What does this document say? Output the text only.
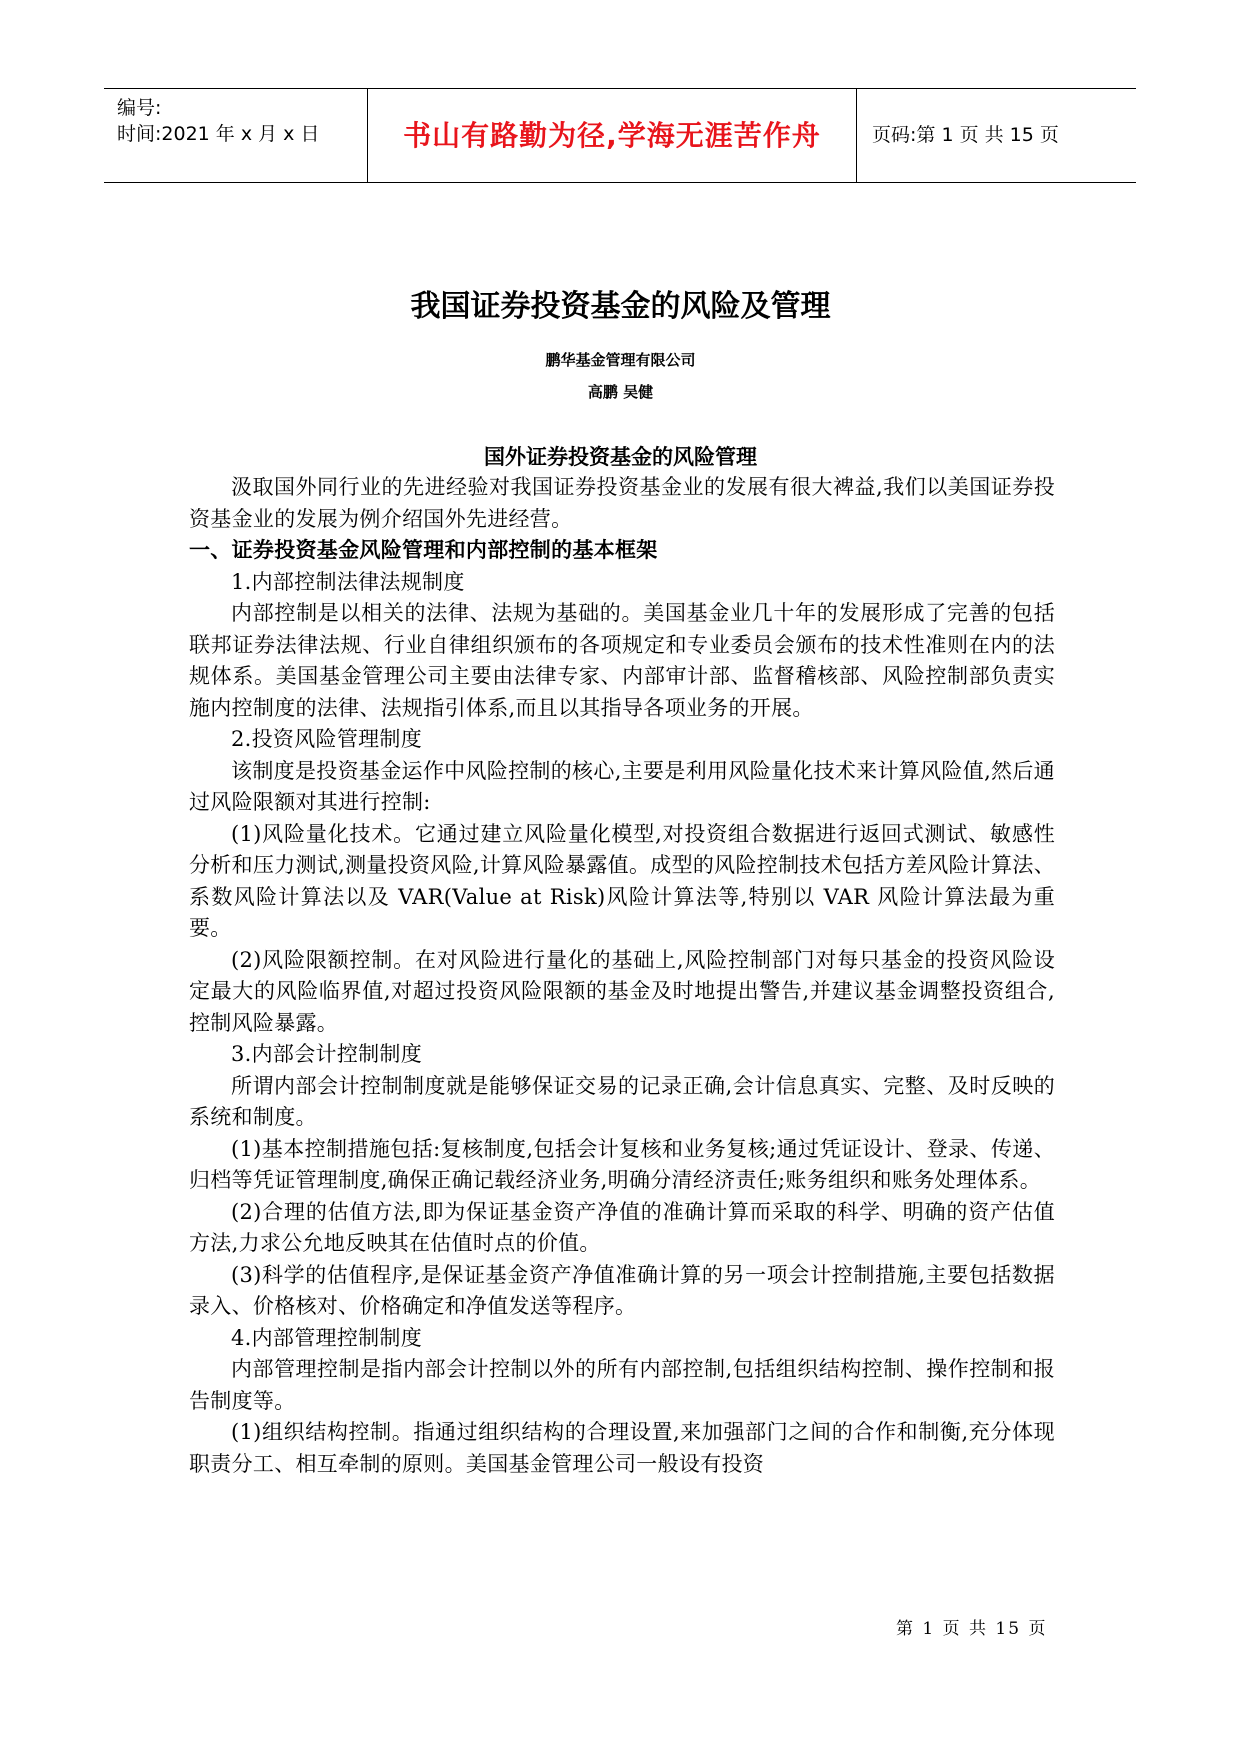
编号:
时间:2021 年 x 月 x 日	书山有路勤为径,学海无涯苦作舟	页码:第 1 页 共 15 页
我国证券投资基金的风险及管理
鹏华基金管理有限公司
高鹏 吴健
国外证券投资基金的风险管理

汲取国外同行业的先进经验对我国证券投资基金业的发展有很大裨益,我们以美国证券投资基金业的发展为例介绍国外先进经营。

一、证券投资基金风险管理和内部控制的基本框架

1.内部控制法律法规制度

内部控制是以相关的法律、法规为基础的。美国基金业几十年的发展形成了完善的包括联邦证券法律法规、行业自律组织颁布的各项规定和专业委员会颁布的技术性准则在内的法规体系。美国基金管理公司主要由法律专家、内部审计部、监督稽核部、风险控制部负责实施内控制度的法律、法规指引体系,而且以其指导各项业务的开展。

2.投资风险管理制度

该制度是投资基金运作中风险控制的核心,主要是利用风险量化技术来计算风险值,然后通过风险限额对其进行控制:

(1)风险量化技术。它通过建立风险量化模型,对投资组合数据进行返回式测试、敏感性分析和压力测试,测量投资风险,计算风险暴露值。成型的风险控制技术包括方差风险计算法、系数风险计算法以及 VAR(Value at Risk)风险计算法等,特别以 VAR 风险计算法最为重要。

(2)风险限额控制。在对风险进行量化的基础上,风险控制部门对每只基金的投资风险设定最大的风险临界值,对超过投资风险限额的基金及时地提出警告,并建议基金调整投资组合,控制风险暴露。

3.内部会计控制制度

所谓内部会计控制制度就是能够保证交易的记录正确,会计信息真实、完整、及时反映的系统和制度。

(1)基本控制措施包括:复核制度,包括会计复核和业务复核;通过凭证设计、登录、传递、归档等凭证管理制度,确保正确记载经济业务,明确分清经济责任;账务组织和账务处理体系。

(2)合理的估值方法,即为保证基金资产净值的准确计算而采取的科学、明确的资产估值方法,力求公允地反映其在估值时点的价值。

(3)科学的估值程序,是保证基金资产净值准确计算的另一项会计控制措施,主要包括数据录入、价格核对、价格确定和净值发送等程序。

4.内部管理控制制度

内部管理控制是指内部会计控制以外的所有内部控制,包括组织结构控制、操作控制和报告制度等。

(1)组织结构控制。指通过组织结构的合理设置,来加强部门之间的合作和制衡,充分体现职责分工、相互牵制的原则。美国基金管理公司一般设有投资

第 1 页 共 15 页
